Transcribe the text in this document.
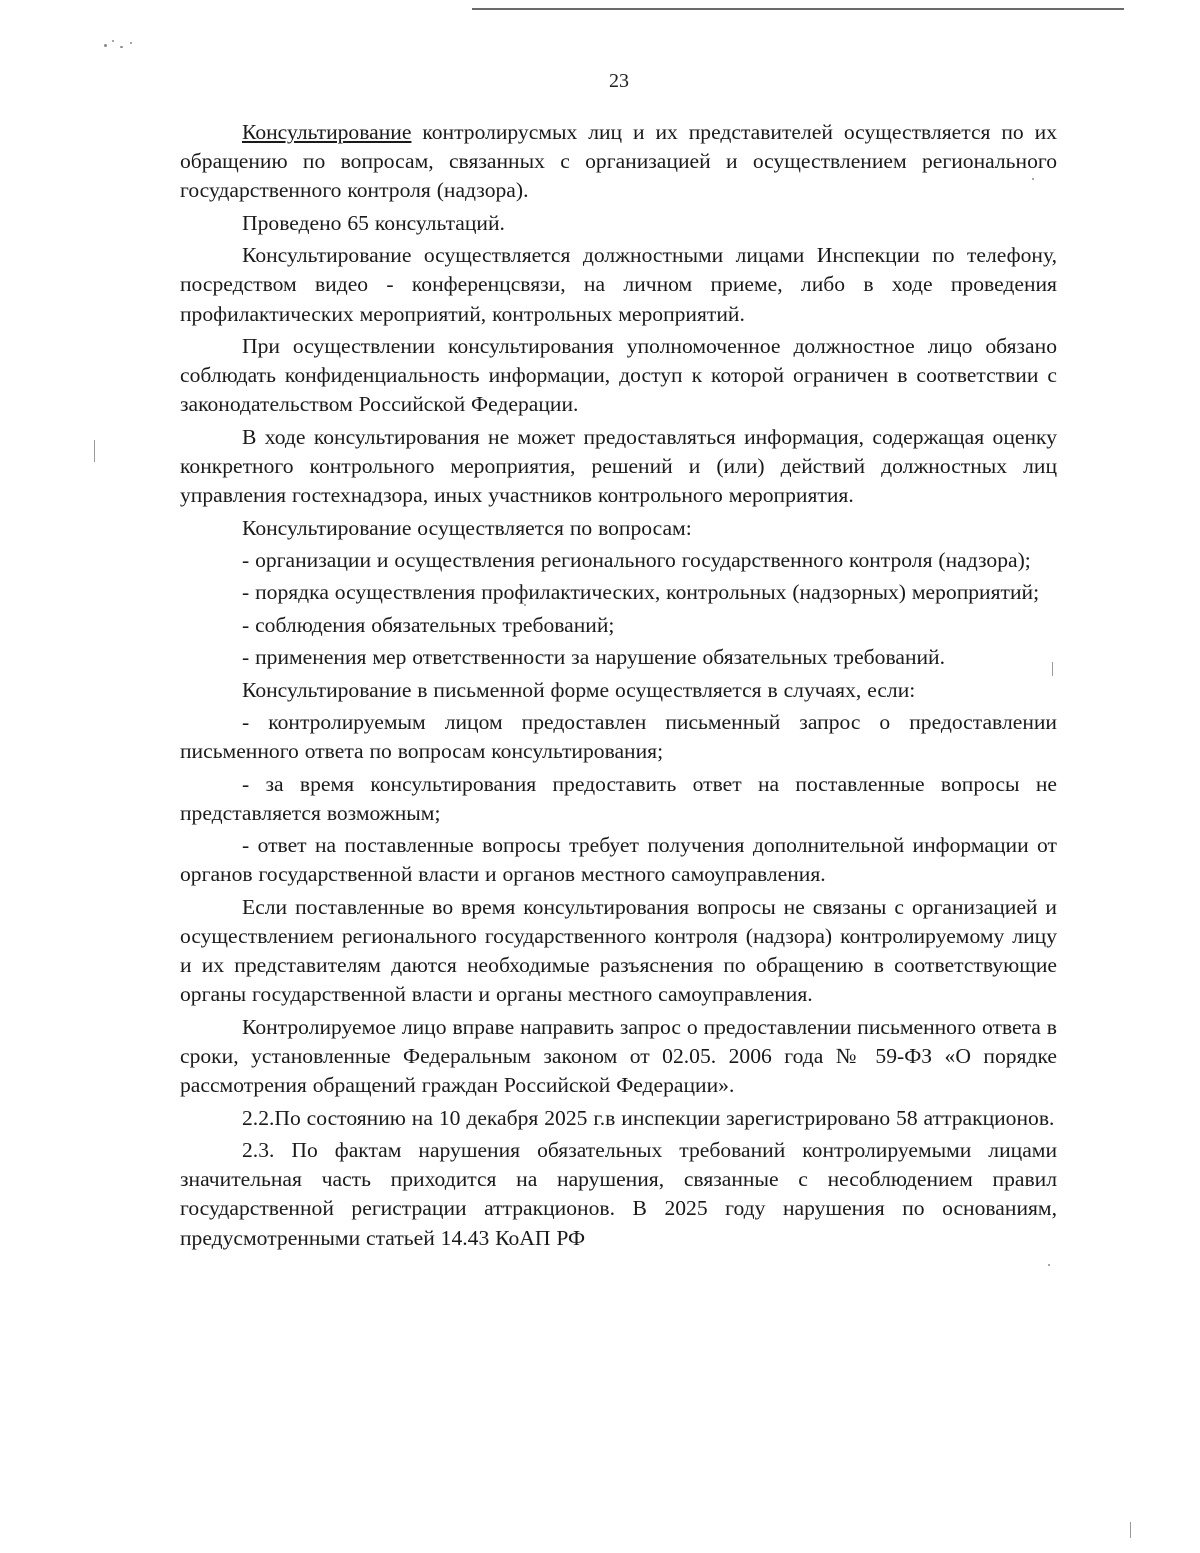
23

Консультирование контролирусмых лиц и их представителей осуществляется по их обращению по вопросам, связанных с организацией и осуществлением регионального государственного контроля (надзора).

Проведено 65 консультаций.

Консультирование осуществляется должностными лицами Инспекции по телефону, посредством видео - конференцсвязи, на личном приеме, либо в ходе проведения профилактических мероприятий, контрольных мероприятий.

При осуществлении консультирования уполномоченное должностное лицо обязано соблюдать конфиденциальность информации, доступ к которой ограничен в соответствии с законодательством Российской Федерации.

В ходе консультирования не может предоставляться информация, содержащая оценку конкретного контрольного мероприятия, решений и (или) действий должностных лиц управления гостехнадзора, иных участников контрольного мероприятия.

Консультирование осуществляется по вопросам:

- организации и осуществления регионального государственного контроля (надзора);

- порядка осуществления профилактических, контрольных (надзорных) мероприятий;

- соблюдения обязательных требований;

- применения мер ответственности за нарушение обязательных требований.

Консультирование в письменной форме осуществляется в случаях, если:

- контролируемым лицом предоставлен письменный запрос о предоставлении письменного ответа по вопросам консультирования;

- за время консультирования предоставить ответ на поставленные вопросы не представляется возможным;

- ответ на поставленные вопросы требует получения дополнительной информации от органов государственной власти и органов местного самоуправления.

Если поставленные во время консультирования вопросы не связаны с организацией и осуществлением регионального государственного контроля (надзора) контролируемому лицу и их представителям даются необходимые разъяснения по обращению в соответствующие органы государственной власти и органы местного самоуправления.

Контролируемое лицо вправе направить запрос о предоставлении письменного ответа в сроки, установленные Федеральным законом от 02.05. 2006 года № 59-ФЗ «О порядке рассмотрения обращений граждан Российской Федерации».

2.2.По состоянию на 10 декабря 2025 г.в инспекции зарегистрировано 58 аттракционов.

2.3. По фактам нарушения обязательных требований контролируемыми лицами значительная часть приходится на нарушения, связанные с несоблюдением правил государственной регистрации аттракционов. В 2025 году нарушения по основаниям, предусмотренными статьей 14.43 КоАП РФ
